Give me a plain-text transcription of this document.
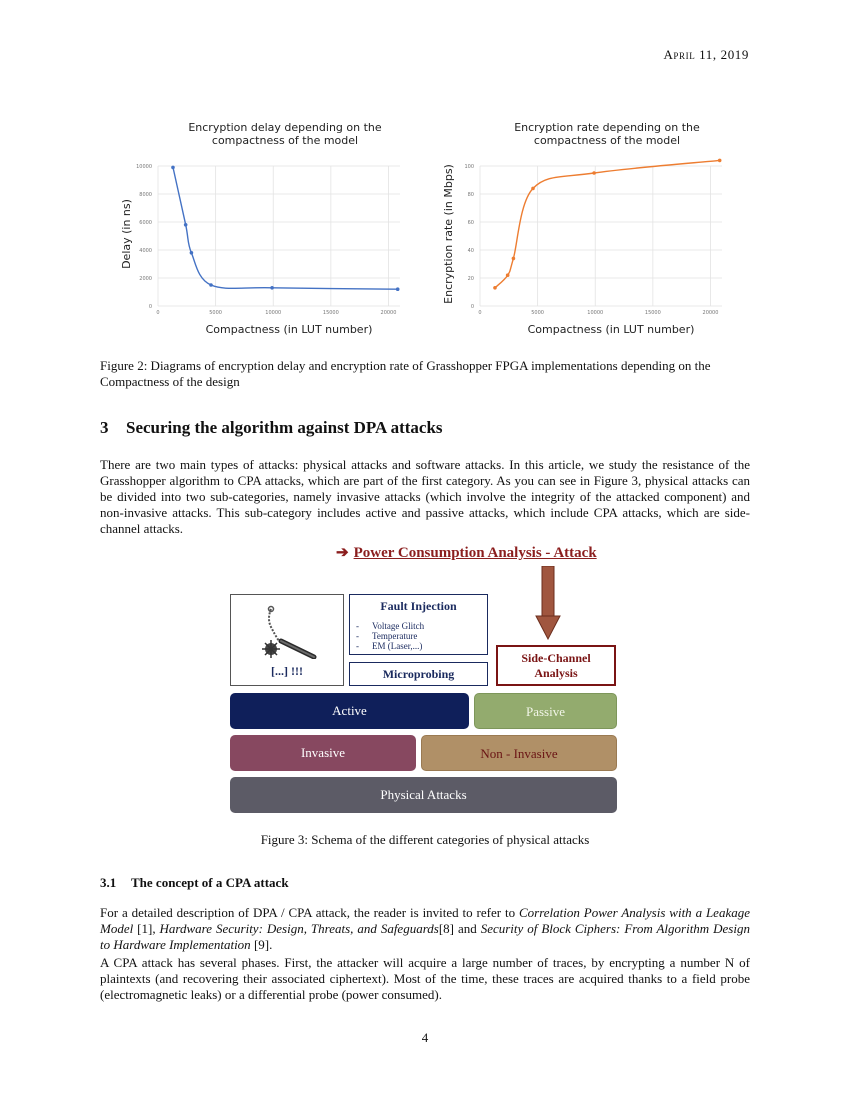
April 11, 2019
Encryption delay depending on the
compactness of the model
0
2000
4000
6000
8000
10000
0	5000	10000	15000	20000
Compactness (in LUT number)
Delay (in ns)
Encryption rate depending on the
compactness of the model
0
20
40
60
80
100
0	5000	10000	15000	20000
Compactness (in LUT number)
Encryption rate (in Mbps)
Figure 2: Diagrams of encryption delay and encryption rate of Grasshopper FPGA implementations depending on the Compactness of the design
3 Securing the algorithm against DPA attacks
There are two main types of attacks: physical attacks and software attacks. In this article, we study the resistance of the Grasshopper algorithm to CPA attacks, which are part of the first category. As you can see in Figure 3, physical attacks can be divided into two sub-categories, namely invasive attacks (which involve the integrity of the attacked component) and non-invasive attacks. This sub-category includes active and passive attacks, which include CPA attacks, which are side-channel attacks.
➔ Power Consumption Analysis - Attack
[...] !!!
Fault Injection
- Voltage Glitch
- Temperature
- EM (Laser,...)
Microprobing
Side-Channel
Analysis
Active	Passive
Invasive	Non - Invasive
Physical Attacks
Figure 3: Schema of the different categories of physical attacks
3.1 The concept of a CPA attack
For a detailed description of DPA / CPA attack, the reader is invited to refer to Correlation Power Analysis with a Leakage Model [1], Hardware Security: Design, Threats, and Safeguards[8] and Security of Block Ciphers: From Algorithm Design to Hardware Implementation [9].
A CPA attack has several phases. First, the attacker will acquire a large number of traces, by encrypting a number N of plaintexts (and recovering their associated ciphertext). Most of the time, these traces are acquired thanks to a field probe (electromagnetic leaks) or a differential probe (power consumed).
4
